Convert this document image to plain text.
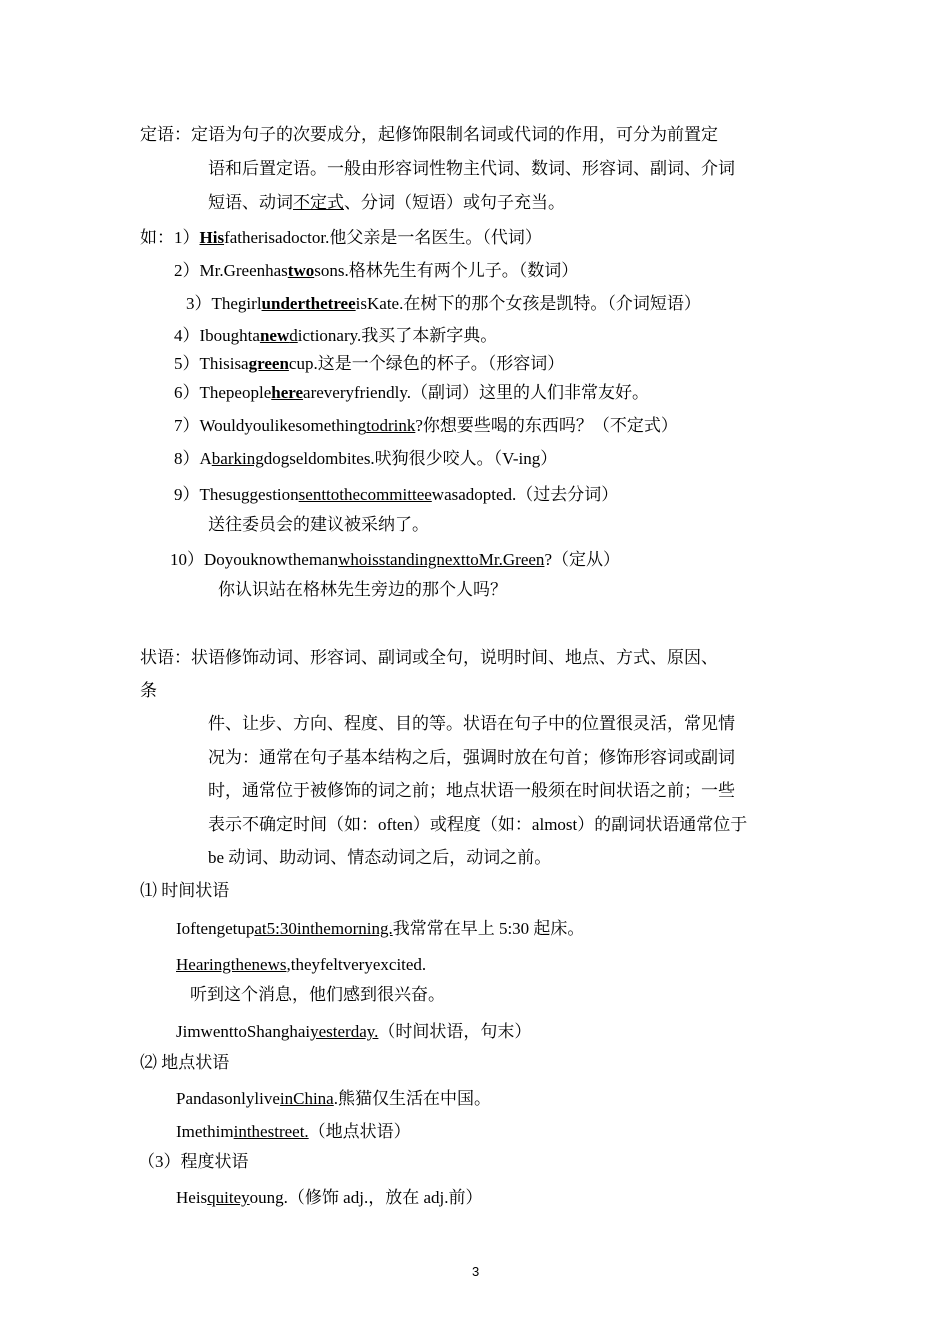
定语：定语为句子的次要成分，起修饰限制名词或代词的作用，可分为前置定
语和后置定语。一般由形容词性物主代词、数词、形容词、副词、介词
短语、动词不定式、分词（短语）或句子充当。
如：1）Hisfatherisadoctor.他父亲是一名医生。（代词）
2）Mr.Greenhastwosons.格林先生有两个儿子。（数词）
3）ThegirlunderthetreeisKate.在树下的那个女孩是凯特。（介词短语）
4）Iboughtanewdictionary.我买了本新字典。
5）Thisisagreencup.这是一个绿色的杯子。（形容词）
6）Thepeoplehereareveryfriendly.（副词）这里的人们非常友好。
7）Wouldyoulikesomethingtodrink?你想要些喝的东西吗？（不定式）
8）Abarkingdogseldombites.吠狗很少咬人。（V-ing）
9）Thesuggestionsenttothecommitteewasadopted.（过去分词）
送往委员会的建议被采纳了。
10）DoyouknowthemanwhoisstandingnexttoMr.Green?（定从）
你认识站在格林先生旁边的那个人吗？
状语：状语修饰动词、形容词、副词或全句，说明时间、地点、方式、原因、
条
件、让步、方向、程度、目的等。状语在句子中的位置很灵活，常见情
况为：通常在句子基本结构之后，强调时放在句首；修饰形容词或副词
时，通常位于被修饰的词之前；地点状语一般须在时间状语之前；一些
表示不确定时间（如：often）或程度（如：almost）的副词状语通常位于
be 动词、助动词、情态动词之后，动词之前。
⑴ 时间状语
Ioftengetupat5:30inthemorning.我常常在早上 5:30 起床。
Hearingthenews,theyfeltveryexcited.
听到这个消息，他们感到很兴奋。
JimwenttoShanghaiyesterday.（时间状语，句末）
⑵ 地点状语
PandasonlyliveinChina.熊猫仅生活在中国。
Imethiminthestreet.（地点状语）
（3）程度状语
Heisquiteyoung.（修饰 adj.，放在 adj.前）
3
